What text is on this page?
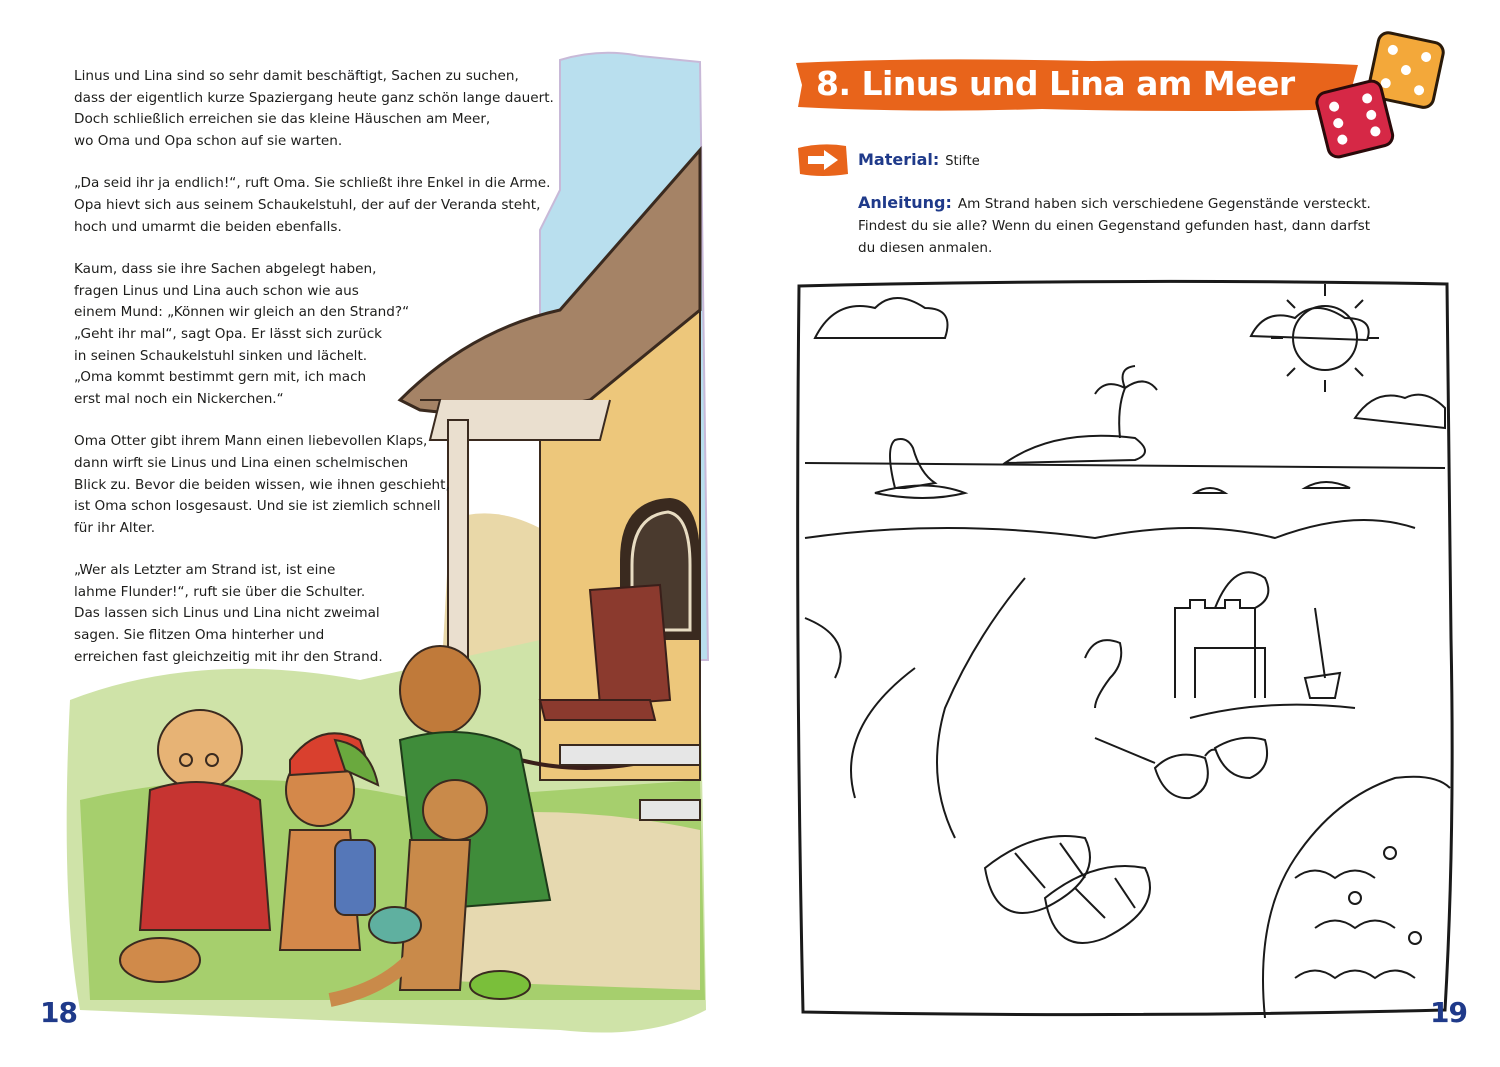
Linus und Lina sind so sehr damit beschäftigt, Sachen zu suchen,
dass der eigentlich kurze Spaziergang heute ganz schön lange dauert.
Doch schließlich erreichen sie das kleine Häuschen am Meer,
wo Oma und Opa schon auf sie warten.

„Da seid ihr ja endlich!“, ruft Oma. Sie schließt ihre Enkel in die Arme.
Opa hievt sich aus seinem Schaukelstuhl, der auf der Veranda steht,
hoch und umarmt die beiden ebenfalls.

Kaum, dass sie ihre Sachen abgelegt haben,
fragen Linus und Lina auch schon wie aus
einem Mund: „Können wir gleich an den Strand?“
„Geht ihr mal“, sagt Opa. Er lässt sich zurück
in seinen Schaukelstuhl sinken und lächelt.
„Oma kommt bestimmt gern mit, ich mach
erst mal noch ein Nickerchen.“

Oma Otter gibt ihrem Mann einen liebevollen Klaps,
dann wirft sie Linus und Lina einen schelmischen
Blick zu. Bevor die beiden wissen, wie ihnen geschieht,
ist Oma schon losgesaust. Und sie ist ziemlich schnell
für ihr Alter.

„Wer als Letzter am Strand ist, ist eine
lahme Flunder!“, ruft sie über die Schulter.
Das lassen sich Linus und Lina nicht zweimal
sagen. Sie flitzen Oma hinterher und
erreichen fast gleichzeitig mit ihr den Strand.

18
8. Linus und Lina am Meer
Material: Stifte
Anleitung: Am Strand haben sich verschiedene Gegenstände versteckt.
Findest du sie alle? Wenn du einen Gegenstand gefunden hast, dann darfst
du diesen anmalen.
19
